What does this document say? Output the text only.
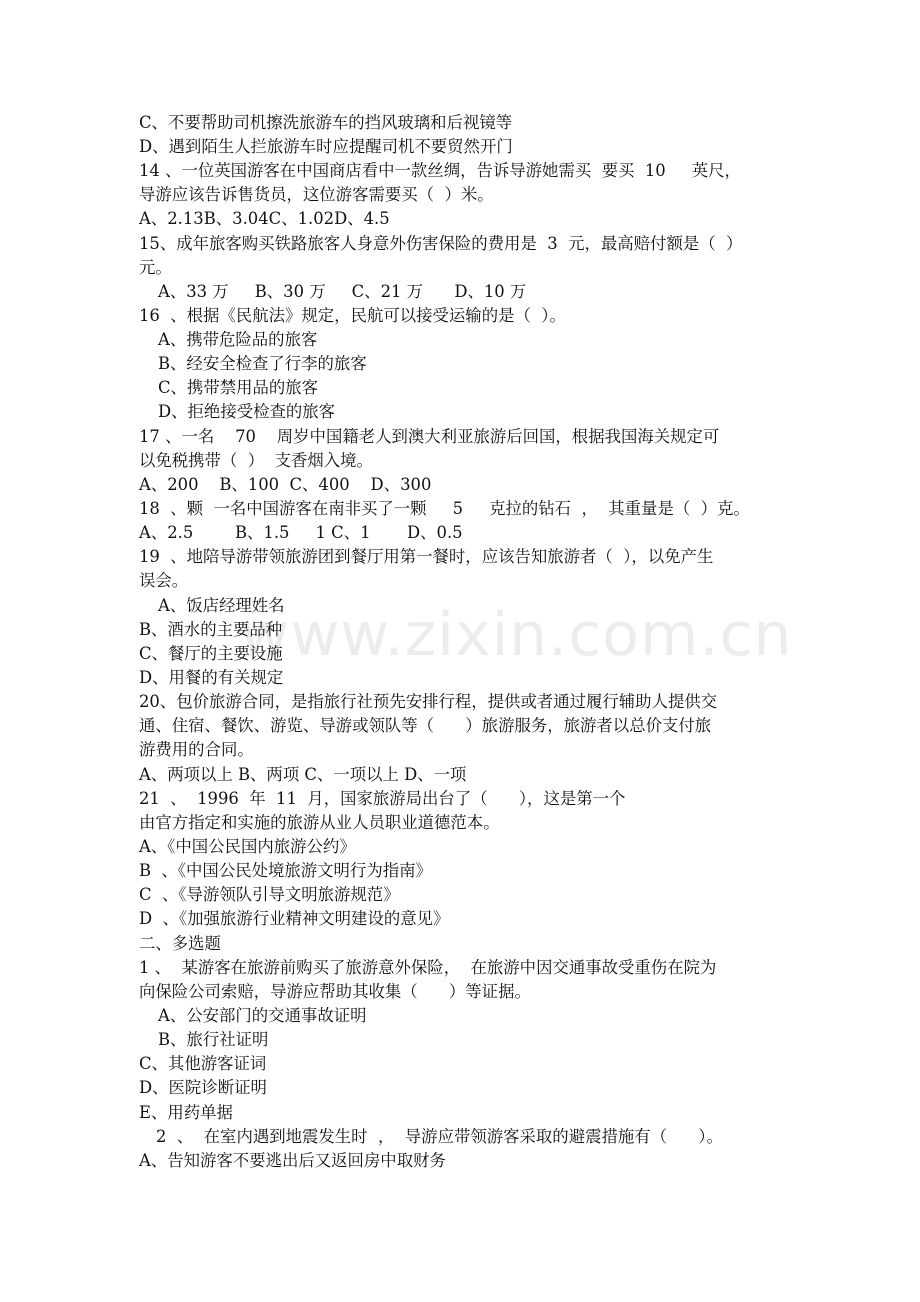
www.zixin.com.cn
C、不要帮助司机擦洗旅游车的挡风玻璃和后视镜等
D、遇到陌生人拦旅游车时应提醒司机不要贸然开门
14 、一位英国游客在中国商店看中一款丝绸，告诉导游她需买  要买  10     英尺，
导游应该告诉售货员，这位游客需要买（  ）米。
A、2.13B、3.04C、1.02D、4.5
15、成年旅客购买铁路旅客人身意外伤害保险的费用是  3  元，最高赔付额是（  ）
元。
A、33 万     B、30 万     C、21 万      D、10 万
16  、根据《民航法》规定，民航可以接受运输的是（  ）。
A、携带危险品的旅客
B、经安全检查了行李的旅客
C、携带禁用品的旅客
D、拒绝接受检查的旅客
17 、一名    70    周岁中国籍老人到澳大利亚旅游后回国，根据我国海关规定可
以免税携带（  ）  支香烟入境。
A、200    B、100  C、400    D、300
18  、颗  一名中国游客在南非买了一颗     5     克拉的钻石  ，  其重量是（  ）克。
A、2.5        B、1.5     1 C、1       D、0.5
19  、地陪导游带领旅游团到餐厅用第一餐时，应该告知旅游者（  ），以免产生
误会。
A、饭店经理姓名
B、酒水的主要品种
C、餐厅的主要设施
D、用餐的有关规定
20、包价旅游合同，是指旅行社预先安排行程，提供或者通过履行辅助人提供交
通、住宿、餐饮、游览、导游或领队等（      ）旅游服务，旅游者以总价支付旅
游费用的合同。
A、两项以上 B、两项 C、一项以上 D、一项
21  、  1996  年  11  月，国家旅游局出台了（      ），这是第一个
由官方指定和实施的旅游从业人员职业道德范本。
A、《中国公民国内旅游公约》
B  、《中国公民处境旅游文明行为指南》
C  、《导游领队引导文明旅游规范》
D  、《加强旅游行业精神文明建设的意见》
二、多选题
1 、  某游客在旅游前购买了旅游意外保险，  在旅游中因交通事故受重伤在院为
向保险公司索赔，导游应帮助其收集（      ）等证据。
A、公安部门的交通事故证明
B、旅行社证明
C、其他游客证词
D、医院诊断证明
E、用药单据
2  、  在室内遇到地震发生时  ，  导游应带领游客采取的避震措施有（      ）。
A、告知游客不要逃出后又返回房中取财务
